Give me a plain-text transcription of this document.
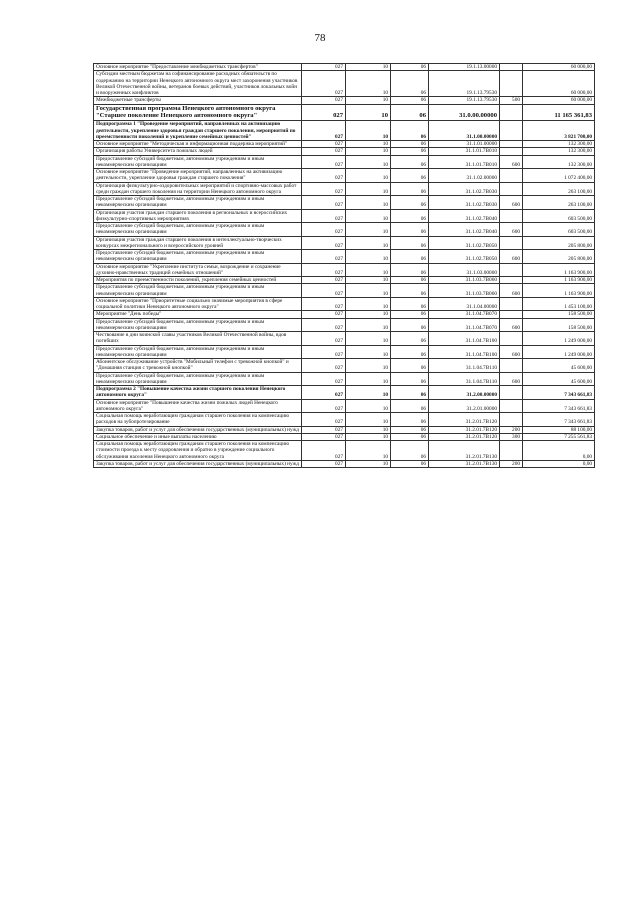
78
Основное мероприятие "Предоставление межбюджетных трансфертов"	027	10	06	19.1.13.00000		60 000,00
Субсидии местным бюджетам на софинансирование расходных обязательств по содержанию на территории Ненецкого автономного округа мест захоронения участников Великой Отечественной войны, ветеранов боевых действий, участников локальных войн и вооруженных конфликтов	027	10	06	19.1.13.79530		60 000,00
Межбюджетные трансферты	027	10	06	19.1.13.79530	500	60 000,00
Государственная программа Ненецкого автономного округа "Старшее поколение Ненецкого автономного округа"	027	10	06	31.0.00.00000		11 165 361,83
Подпрограмма 1 "Проведение мероприятий, направленных на активизацию деятельности, укрепление здоровья граждан старшего поколения, мероприятий по преемственности поколений и укрепление семейных ценностей"	027	10	06	31.1.00.00000		3 821 700,00
Основное мероприятие "Методическая и информационная поддержка мероприятий"	027	10	06	31.1.01.00000		132 300,00
Организация работы Университета пожилых людей	027	10	06	31.1.01.7B010		132 300,00
Предоставление субсидий бюджетным, автономным учреждениям и иным некоммерческим организациям	027	10	06	31.1.01.7B010	600	132 300,00
Основное мероприятие "Проведение мероприятий, направленных на активизацию деятельности, укрепление здоровья граждан старшего поколения"	027	10	06	31.1.02.00000		1 072 400,00
Организация физкультурно-оздоровительных мероприятий и спортивно-массовых работ среди граждан старшего поколения на территории Ненецкого автономного округа	027	10	06	31.1.02.7B030		263 100,00
Предоставление субсидий бюджетным, автономным учреждениям и иным некоммерческим организациям	027	10	06	31.1.02.7B030	600	263 100,00
Организация участия граждан старшего поколения в региональных и всероссийских физкультурно-спортивных мероприятиях	027	10	06	31.1.02.7B040		603 500,00
Предоставление субсидий бюджетным, автономным учреждениям и иным некоммерческим организациям	027	10	06	31.1.02.7B040	600	603 500,00
Организация участия граждан старшего поколения в интеллектуально-творческих конкурсах межрегионального и всероссийского уровней	027	10	06	31.1.02.7B050		205 800,00
Предоставление субсидий бюджетным, автономным учреждениям и иным некоммерческим организациям	027	10	06	31.1.02.7B050	600	205 800,00
Основное мероприятие "Укрепление института семьи, возрождение и сохранение духовно-нравственных традиций семейных отношений"	027	10	06	31.1.03.00000		1 163 900,00
Мероприятия по преемственности поколений, укрепления семейных ценностей	027	10	06	31.1.03.7B060		1 163 900,00
Предоставление субсидий бюджетным, автономным учреждениям и иным некоммерческим организациям	027	10	06	31.1.03.7B060	600	1 163 900,00
Основное мероприятие "Приоритетные социально значимые мероприятия в сфере социальной политики Ненецкого автономного округа"	027	10	06	31.1.04.00000		1 453 100,00
Мероприятие "День победы"	027	10	06	31.1.04.7B070		158 500,00
Предоставление субсидий бюджетным, автономным учреждениям и иным некоммерческим организациям	027	10	06	31.1.04.7B070	600	158 500,00
Чествование в дни воинской славы участников Великой Отечественной войны, вдов погибших	027	10	06	31.1.04.7B100		1 249 000,00
Предоставление субсидий бюджетным, автономным учреждениям и иным некоммерческим организациям	027	10	06	31.1.04.7B100	600	1 249 000,00
Абонентское обслуживание устройств "Мобильный телефон с тревожной кнопкой" и "Домашняя станция с тревожной кнопкой"	027	10	06	31.1.04.7B110		45 600,00
Предоставление субсидий бюджетным, автономным учреждениям и иным некоммерческим организациям	027	10	06	31.1.04.7B110	600	45 600,00
Подпрограмма 2 "Повышение качества жизни старшего поколения Ненецкого автономного округа"	027	10	06	31.2.00.00000		7 343 661,83
Основное мероприятие "Повышение качества жизни пожилых людей Ненецкого автономного округа"	027	10	06	31.2.01.00000		7 343 661,83
Социальная помощь неработающим гражданам старшего поколения на компенсацию расходов на зубопротезирование	027	10	06	31.2.01.7B120		7 343 661,83
Закупка товаров, работ и услуг для обеспечения государственных (муниципальных) нужд	027	10	06	31.2.01.7B120	200	88 100,00
Социальное обеспечение и иные выплаты населению	027	10	06	31.2.01.7B120	300	7 255 561,83
Социальная помощь неработающим гражданам старшего поколения на компенсацию стоимости проезда к месту оздоровления и обратно в учреждение социального обслуживания населения Ненецкого автономного округа	027	10	06	31.2.01.7B130		0,00
Закупка товаров, работ и услуг для обеспечения государственных (муниципальных) нужд	027	10	06	31.2.01.7B130	200	0,00
